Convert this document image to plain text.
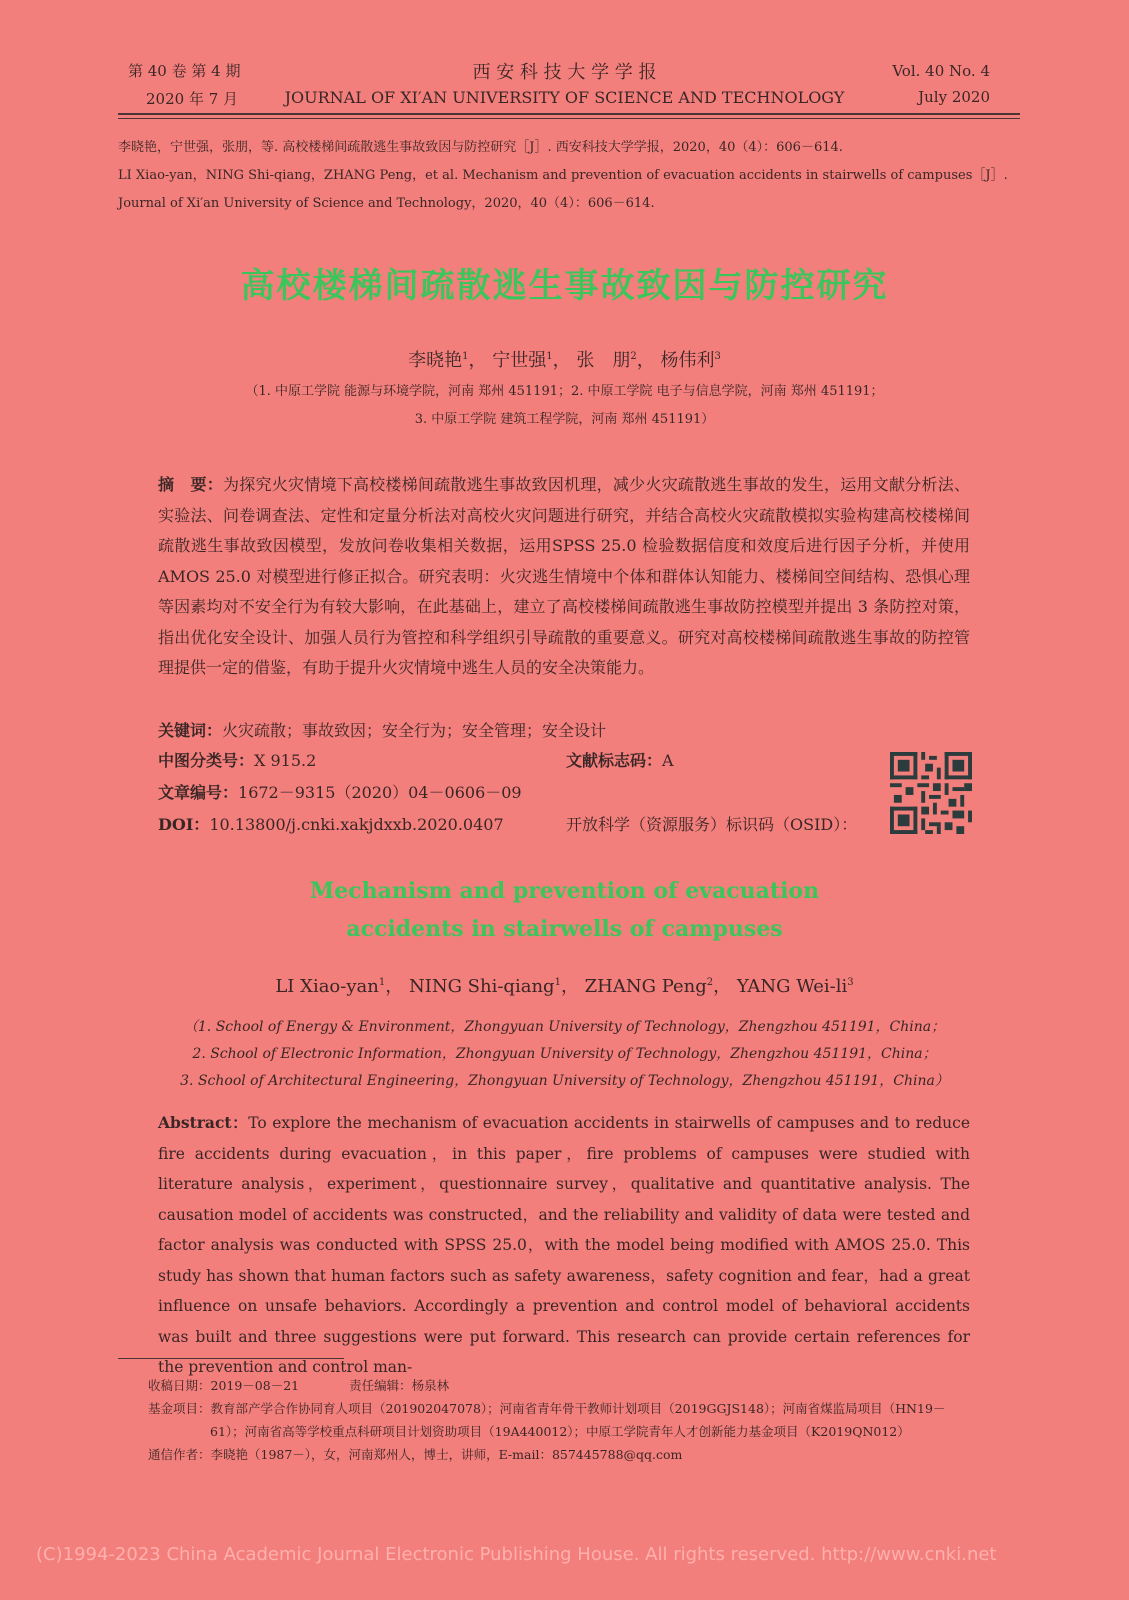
第 40 卷 第 4 期
2020 年 7 月
西 安 科 技 大 学 学 报
JOURNAL OF XI′AN UNIVERSITY OF SCIENCE AND TECHNOLOGY
Vol. 40 No. 4
July 2020
李晓艳，宁世强，张朋，等. 高校楼梯间疏散逃生事故致因与防控研究［J］. 西安科技大学学报，2020，40（4）：606－614.
LI Xiao-yan，NING Shi-qiang，ZHANG Peng，et al. Mechanism and prevention of evacuation accidents in stairwells of campuses［J］.
Journal of Xi′an University of Science and Technology，2020，40（4）：606－614.
高校楼梯间疏散逃生事故致因与防控研究
李晓艳$^1$， 宁世强$^1$， 张　朋$^2$， 杨伟利$^3$
（1. 中原工学院 能源与环境学院，河南 郑州 451191；2. 中原工学院 电子与信息学院，河南 郑州 451191；
3. 中原工学院 建筑工程学院，河南 郑州 451191）
摘　要：为探究火灾情境下高校楼梯间疏散逃生事故致因机理，减少火灾疏散逃生事故的发生，运用文献分析法、实验法、问卷调查法、定性和定量分析法对高校火灾问题进行研究，并结合高校火灾疏散模拟实验构建高校楼梯间疏散逃生事故致因模型，发放问卷收集相关数据，运用SPSS 25.0 检验数据信度和效度后进行因子分析，并使用 AMOS 25.0 对模型进行修正拟合。研究表明：火灾逃生情境中个体和群体认知能力、楼梯间空间结构、恐惧心理等因素均对不安全行为有较大影响，在此基础上，建立了高校楼梯间疏散逃生事故防控模型并提出 3 条防控对策，指出优化安全设计、加强人员行为管控和科学组织引导疏散的重要意义。研究对高校楼梯间疏散逃生事故的防控管理提供一定的借鉴，有助于提升火灾情境中逃生人员的安全决策能力。
关键词：火灾疏散；事故致因；安全行为；安全管理；安全设计
中图分类号：X 915.2	文献标志码：A
文章编号：1672－9315（2020）04－0606－09
DOI：10.13800/j.cnki.xakjdxxb.2020.0407	开放科学（资源服务）标识码（OSID）：
Mechanism and prevention of evacuation
accidents in stairwells of campuses
LI Xiao-yan$^1$， NING Shi-qiang$^1$， ZHANG Peng$^2$， YANG Wei-$li^3$
（1. School of Energy & Environment，Zhongyuan University of Technology，Zhengzhou 451191，China；
2. School of Electronic Information，Zhongyuan University of Technology，Zhengzhou 451191，China；
3. School of Architectural Engineering，Zhongyuan University of Technology，Zhengzhou 451191，China）
Abstract：To explore the mechanism of evacuation accidents in stairwells of campuses and to reduce fire accidents during evacuation，in this paper，fire problems of campuses were studied with literature analysis，experiment，questionnaire survey，qualitative and quantitative analysis. The causation model of accidents was constructed，and the reliability and validity of data were tested and factor analysis was conducted with SPSS 25.0，with the model being modified with AMOS 25.0. This study has shown that human factors such as safety awareness，safety cognition and fear，had a great influence on unsafe behaviors. Accordingly a prevention and control model of behavioral accidents was built and three suggestions were put forward. This research can provide certain references for the prevention and control man-
收稿日期：2019－08－21	责任编辑：杨泉林
基金项目：教育部产学合作协同育人项目（201902047078）；河南省青年骨干教师计划项目（2019GGJS148）；河南省煤监局项目（HN19－
61）；河南省高等学校重点科研项目计划资助项目（19A440012）；中原工学院青年人才创新能力基金项目（K2019QN012）
通信作者：李晓艳（1987－），女，河南郑州人，博士，讲师，E-mail：857445788@qq.com
(C)1994-2023 China Academic Journal Electronic Publishing House. All rights reserved. http://www.cnki.net
